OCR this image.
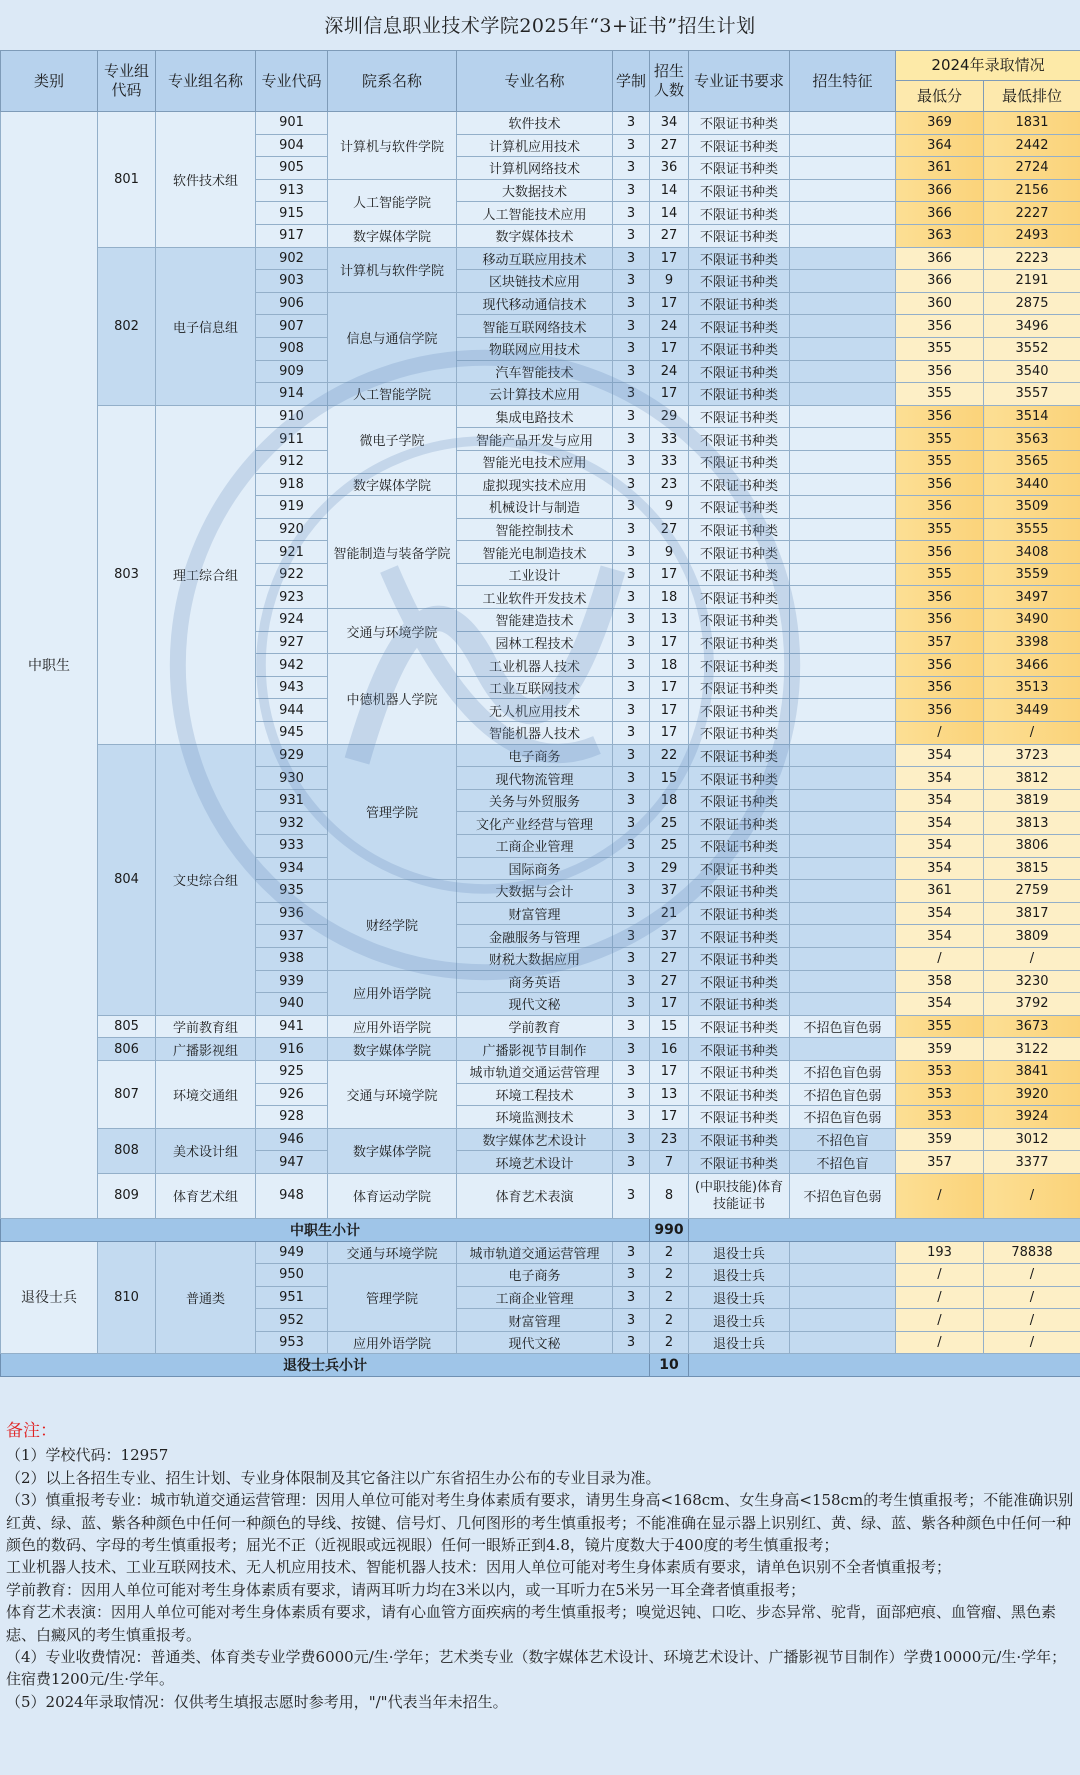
深圳信息职业技术学院2025年“3+证书”招生计划
类别	专业组代码	专业组名称	专业代码	院系名称	专业名称	学制	招生人数	专业证书要求	招生特征	2024年录取情况	
										最低分	最低排位
中职生	801	软件技术组	901	计算机与软件学院	软件技术	3	34	不限证书种类		369	1831
			904		计算机应用技术	3	27	不限证书种类		364	2442
			905		计算机网络技术	3	36	不限证书种类		361	2724
			913	人工智能学院	大数据技术	3	14	不限证书种类		366	2156
			915		人工智能技术应用	3	14	不限证书种类		366	2227
			917	数字媒体学院	数字媒体技术	3	27	不限证书种类		363	2493
	802	电子信息组	902	计算机与软件学院	移动互联应用技术	3	17	不限证书种类		366	2223
			903		区块链技术应用	3	9	不限证书种类		366	2191
			906	信息与通信学院	现代移动通信技术	3	17	不限证书种类		360	2875
			907		智能互联网络技术	3	24	不限证书种类		356	3496
			908		物联网应用技术	3	17	不限证书种类		355	3552
			909		汽车智能技术	3	24	不限证书种类		356	3540
			914	人工智能学院	云计算技术应用	3	17	不限证书种类		355	3557
	803	理工综合组	910	微电子学院	集成电路技术	3	29	不限证书种类		356	3514
			911		智能产品开发与应用	3	33	不限证书种类		355	3563
			912		智能光电技术应用	3	33	不限证书种类		355	3565
			918	数字媒体学院	虚拟现实技术应用	3	23	不限证书种类		356	3440
			919	智能制造与装备学院	机械设计与制造	3	9	不限证书种类		356	3509
			920		智能控制技术	3	27	不限证书种类		355	3555
			921		智能光电制造技术	3	9	不限证书种类		356	3408
			922		工业设计	3	17	不限证书种类		355	3559
			923		工业软件开发技术	3	18	不限证书种类		356	3497
			924	交通与环境学院	智能建造技术	3	13	不限证书种类		356	3490
			927		园林工程技术	3	17	不限证书种类		357	3398
			942	中德机器人学院	工业机器人技术	3	18	不限证书种类		356	3466
			943		工业互联网技术	3	17	不限证书种类		356	3513
			944		无人机应用技术	3	17	不限证书种类		356	3449
			945		智能机器人技术	3	17	不限证书种类		/	/
	804	文史综合组	929	管理学院	电子商务	3	22	不限证书种类		354	3723
			930		现代物流管理	3	15	不限证书种类		354	3812
			931		关务与外贸服务	3	18	不限证书种类		354	3819
			932		文化产业经营与管理	3	25	不限证书种类		354	3813
			933		工商企业管理	3	25	不限证书种类		354	3806
			934		国际商务	3	29	不限证书种类		354	3815
			935	财经学院	大数据与会计	3	37	不限证书种类		361	2759
			936		财富管理	3	21	不限证书种类		354	3817
			937		金融服务与管理	3	37	不限证书种类		354	3809
			938		财税大数据应用	3	27	不限证书种类		/	/
			939	应用外语学院	商务英语	3	27	不限证书种类		358	3230
			940		现代文秘	3	17	不限证书种类		354	3792
	805	学前教育组	941	应用外语学院	学前教育	3	15	不限证书种类	不招色盲色弱	355	3673
	806	广播影视组	916	数字媒体学院	广播影视节目制作	3	16	不限证书种类		359	3122
	807	环境交通组	925	交通与环境学院	城市轨道交通运营管理	3	17	不限证书种类	不招色盲色弱	353	3841
			926		环境工程技术	3	13	不限证书种类	不招色盲色弱	353	3920
			928		环境监测技术	3	17	不限证书种类	不招色盲色弱	353	3924
	808	美术设计组	946	数字媒体学院	数字媒体艺术设计	3	23	不限证书种类	不招色盲	359	3012
			947		环境艺术设计	3	7	不限证书种类	不招色盲	357	3377
	809	体育艺术组	948	体育运动学院	体育艺术表演	3	8	(中职技能)体育技能证书	不招色盲色弱	/	/
中职生小计							990				
退役士兵	810	普通类	949	交通与环境学院	城市轨道交通运营管理	3	2	退役士兵		193	78838
			950	管理学院	电子商务	3	2	退役士兵		/	/
			951		工商企业管理	3	2	退役士兵		/	/
			952		财富管理	3	2	退役士兵		/	/
			953	应用外语学院	现代文秘	3	2	退役士兵		/	/
退役士兵小计							10				
备注：

（1）学校代码：12957

（2）以上各招生专业、招生计划、专业身体限制及其它备注以广东省招生办公布的专业目录为准。

（3）慎重报考专业：城市轨道交通运营管理：因用人单位可能对考生身体素质有要求，请男生身高<168cm、女生身高<158cm的考生慎重报考；不能准确识别红黄、绿、蓝、紫各种颜色中任何一种颜色的导线、按键、信号灯、几何图形的考生慎重报考；不能准确在显示器上识别红、黄、绿、蓝、紫各种颜色中任何一种颜色的数码、字母的考生慎重报考；屈光不正（近视眼或远视眼）任何一眼矫正到4.8，镜片度数大于400度的考生慎重报考；

工业机器人技术、工业互联网技术、无人机应用技术、智能机器人技术：因用人单位可能对考生身体素质有要求，请单色识别不全者慎重报考；

学前教育：因用人单位可能对考生身体素质有要求，请两耳听力均在3米以内，或一耳听力在5米另一耳全聋者慎重报考；

体育艺术表演：因用人单位可能对考生身体素质有要求，请有心血管方面疾病的考生慎重报考；嗅觉迟钝、口吃、步态异常、驼背，面部疤痕、血管瘤、黑色素痣、白癜风的考生慎重报考。

（4）专业收费情况：普通类、体育类专业学费6000元/生·学年；艺术类专业（数字媒体艺术设计、环境艺术设计、广播影视节目制作）学费10000元/生·学年；住宿费1200元/生·学年。

（5）2024年录取情况：仅供考生填报志愿时参考用，"/"代表当年未招生。
